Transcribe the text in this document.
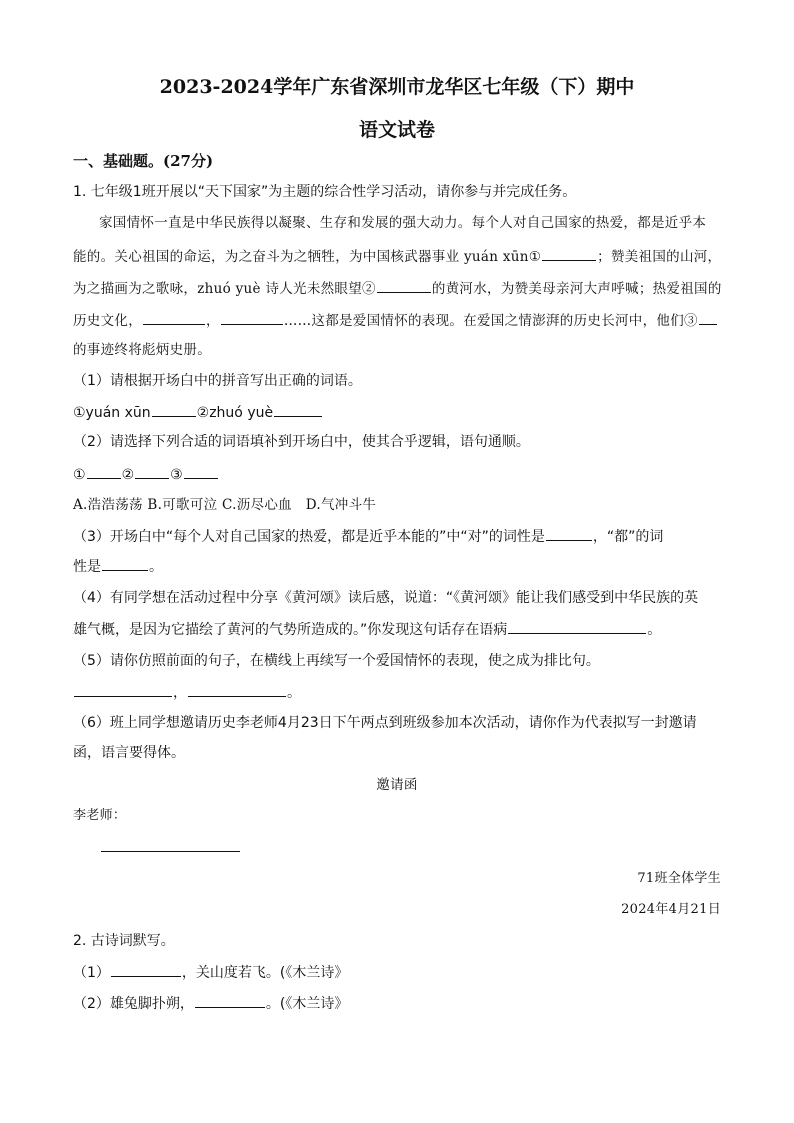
2023-2024学年广东省深圳市龙华区七年级（下）期中
语文试卷
一、基础题。(27分)
1. 七年级1班开展以“天下国家”为主题的综合性学习活动，请你参与并完成任务。
家国情怀一直是中华民族得以凝聚、生存和发展的强大动力。每个人对自己国家的热爱，都是近乎本
能的。关心祖国的命运，为之奋斗为之牺牲，为中国核武器事业 yuán xūn①	；赞美祖国的山河，
为之描画为之歌咏，zhuó yuè 诗人光未然眼望②	的黄河水，为赞美母亲河大声呼喊；热爱祖国的
历史文化，	，	……这都是爱国情怀的表现。在爱国之情澎湃的历史长河中，他们③
的事迹终将彪炳史册。
（1）请根据开场白中的拼音写出正确的词语。
①yuán xūn	②zhuó yuè
（2）请选择下列合适的词语填补到开场白中，使其合乎逻辑，语句通顺。
①	②	③
A.浩浩荡荡 B.可歌可泣 C.沥尽心血　D.气冲斗牛
（3）开场白中“每个人对自己国家的热爱，都是近乎本能的”中“对”的词性是	，“都”的词
性是	。
（4）有同学想在活动过程中分享《黄河颂》读后感，说道：“《黄河颂》能让我们感受到中华民族的英
雄气概，是因为它描绘了黄河的气势所造成的。”你发现这句话存在语病	。
（5）请你仿照前面的句子，在横线上再续写一个爱国情怀的表现，使之成为排比句。
，	。
（6）班上同学想邀请历史李老师4月23日下午两点到班级参加本次活动，请你作为代表拟写一封邀请
函，语言要得体。
邀请函
李老师：
71班全体学生
2024年4月21日
2. 古诗词默写。
（1）	，关山度若飞。(《木兰诗》
（2）雄兔脚扑朔，	。(《木兰诗》
